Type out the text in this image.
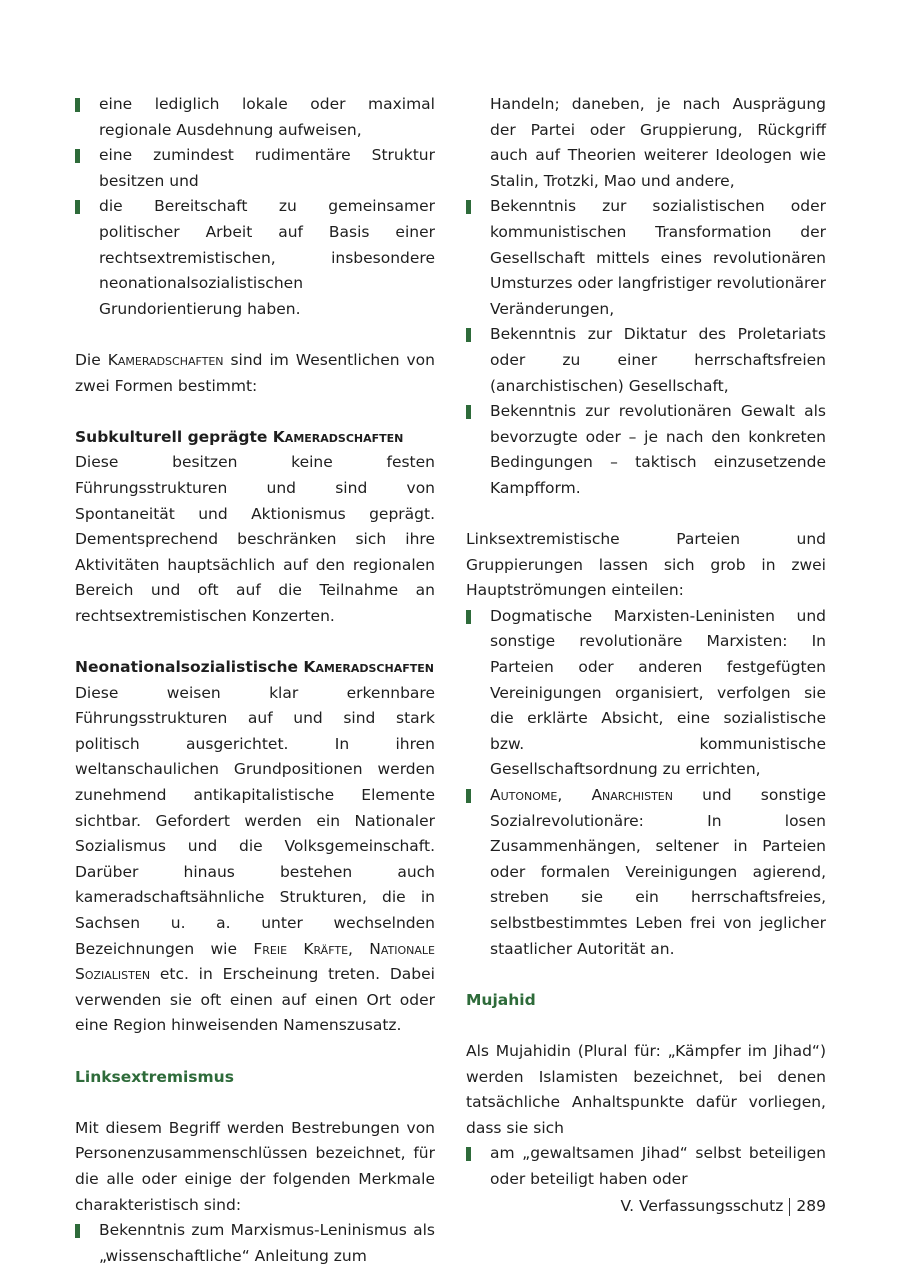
eine lediglich lokale oder maximal regionale Ausdehnung aufweisen,
eine zumindest rudimentäre Struktur besitzen und
die Bereitschaft zu gemeinsamer politischer Arbeit auf Basis einer rechtsextremistischen, insbesondere neonationalsozialistischen Grundorientierung haben.

Die Kameradschaften sind im Wesentlichen von zwei Formen bestimmt:

Subkulturell geprägte Kameradschaften

Diese besitzen keine festen Führungsstrukturen und sind von Spontaneität und Aktionismus geprägt. Dementsprechend beschränken sich ihre Aktivitäten hauptsächlich auf den regionalen Bereich und oft auf die Teilnahme an rechtsextremistischen Konzerten.

Neonationalsozialistische Kameradschaften

Diese weisen klar erkennbare Führungsstrukturen auf und sind stark politisch ausgerichtet. In ihren weltanschaulichen Grundpositionen werden zunehmend antikapitalistische Elemente sichtbar. Gefordert werden ein Nationaler Sozialismus und die Volksgemeinschaft. Darüber hinaus bestehen auch kameradschaftsähnliche Strukturen, die in Sachsen u. a. unter wechselnden Bezeichnungen wie Freie Kräfte, Nationale Sozialisten etc. in Erscheinung treten. Dabei verwenden sie oft einen auf einen Ort oder eine Region hinweisenden Namenszusatz.

Linksextremismus

Mit diesem Begriff werden Bestrebungen von Personenzusammenschlüssen bezeichnet, für die alle oder einige der folgenden Merkmale charakteristisch sind:

Bekenntnis zum Marxismus-Leninismus als „wissenschaftliche“ Anleitung zum

Handeln; daneben, je nach Ausprägung der Partei oder Gruppierung, Rückgriff auch auf Theorien weiterer Ideologen wie Stalin, Trotzki, Mao und andere,

Bekenntnis zur sozialistischen oder kommunistischen Transformation der Gesellschaft mittels eines revolutionären Umsturzes oder langfristiger revolutionärer Veränderungen,
Bekenntnis zur Diktatur des Proletariats oder zu einer herrschaftsfreien (anarchistischen) Gesellschaft,
Bekenntnis zur revolutionären Gewalt als bevorzugte oder – je nach den konkreten Bedingungen – taktisch einzusetzende Kampfform.

Linksextremistische Parteien und Gruppierungen lassen sich grob in zwei Hauptströmungen einteilen:

Dogmatische Marxisten-Leninisten und sonstige revolutionäre Marxisten: In Parteien oder anderen festgefügten Vereinigungen organisiert, verfolgen sie die erklärte Absicht, eine sozialistische bzw. kommunistische Gesellschaftsordnung zu errichten,
Autonome, Anarchisten und sonstige Sozialrevolutionäre: In losen Zusammenhängen, seltener in Parteien oder formalen Vereinigungen agierend, streben sie ein herrschaftsfreies, selbstbestimmtes Leben frei von jeglicher staatlicher Autorität an.

Mujahid

Als Mujahidin (Plural für: „Kämpfer im Jihad“) werden Islamisten bezeichnet, bei denen tatsächliche Anhaltspunkte dafür vorliegen, dass sie sich

am „gewaltsamen Jihad“ selbst beteiligen oder beteiligt haben oder
V. Verfassungsschutz 289
